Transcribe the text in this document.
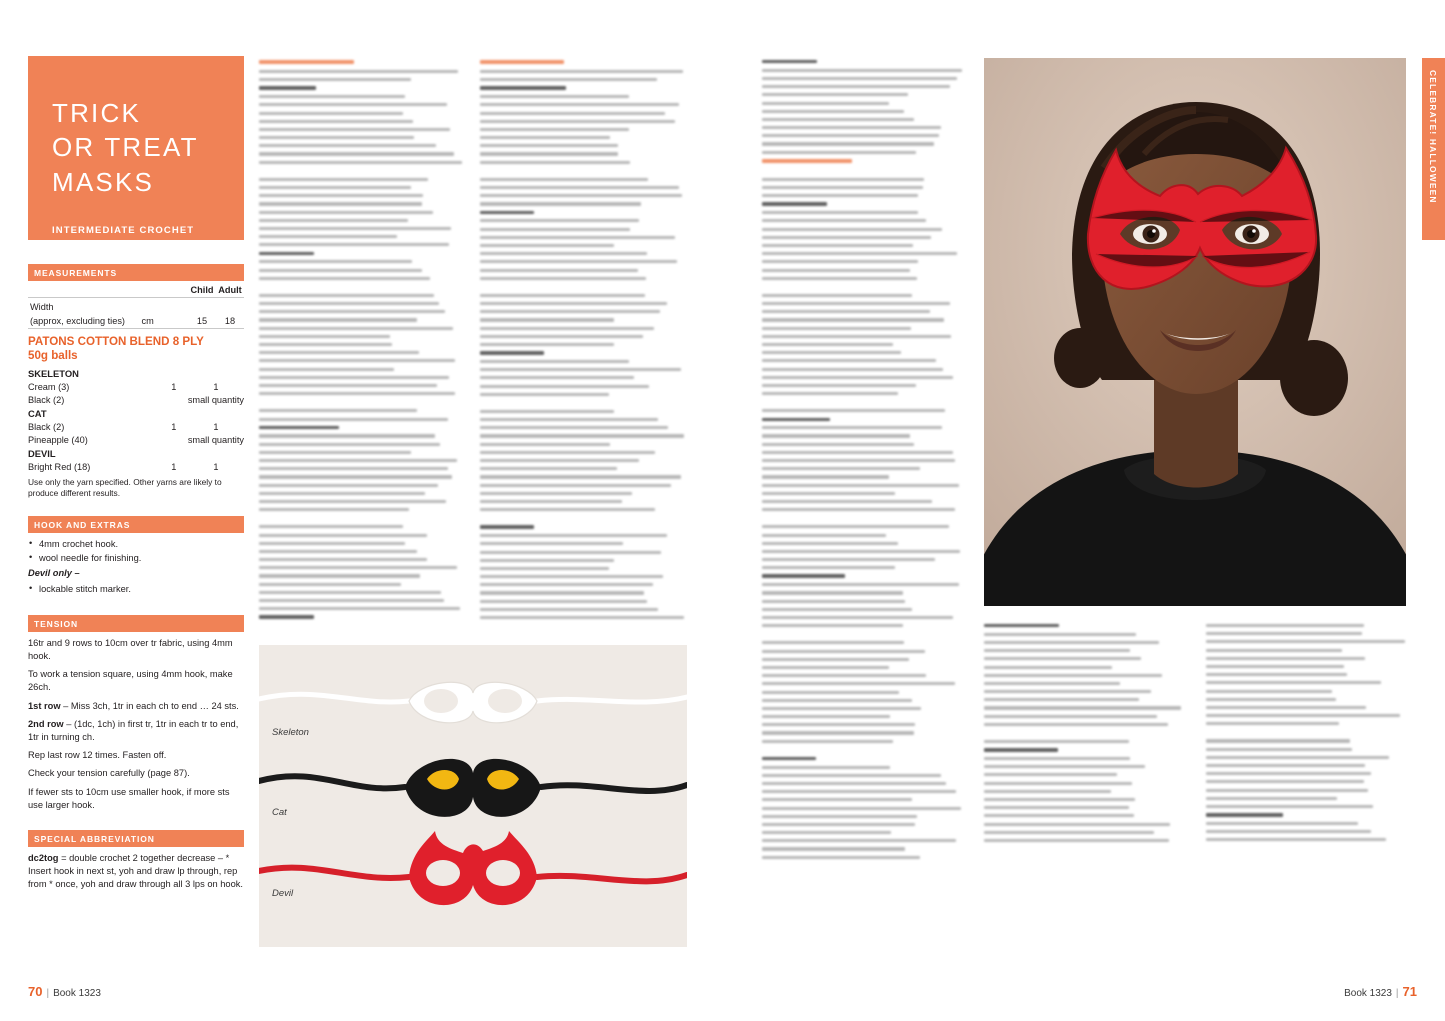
TRICK
OR TREAT
MASKS
INTERMEDIATE CROCHET
MEASUREMENTS
	Child	Adult
Width		
(approx, excluding ties) cm	15	18
PATONS COTTON BLEND 8 PLY
50g balls
SKELETON		
Cream (3)	1	1
Black (2)		small quantity
CAT		
Black (2)	1	1
Pineapple (40)		small quantity
DEVIL		
Bright Red (18)	1	1
Use only the yarn specified. Other yarns are likely to produce different results.
HOOK AND EXTRAS
• 4mm crochet hook.
• wool needle for finishing.
Devil only –
• lockable stitch marker.
TENSION
16tr and 9 rows to 10cm over tr fabric, using 4mm hook.
To work a tension square, using 4mm hook, make 26ch.
1st row – Miss 3ch, 1tr in each ch to end … 24 sts.
2nd row – (1dc, 1ch) in first tr, 1tr in each tr to end, 1tr in turning ch.
Rep last row 12 times. Fasten off.
Check your tension carefully (page 87).
If fewer sts to 10cm use smaller hook, if more sts use larger hook.
SPECIAL ABBREVIATION
dc2tog = double crochet 2 together decrease – * Insert hook in next st, yoh and draw lp through, rep from * once, yoh and draw through all 3 lps on hook.
Skeleton
Cat
Devil
CELEBRATE! HALLOWEEN
70 | Book 1323	Book 1323 | 71
